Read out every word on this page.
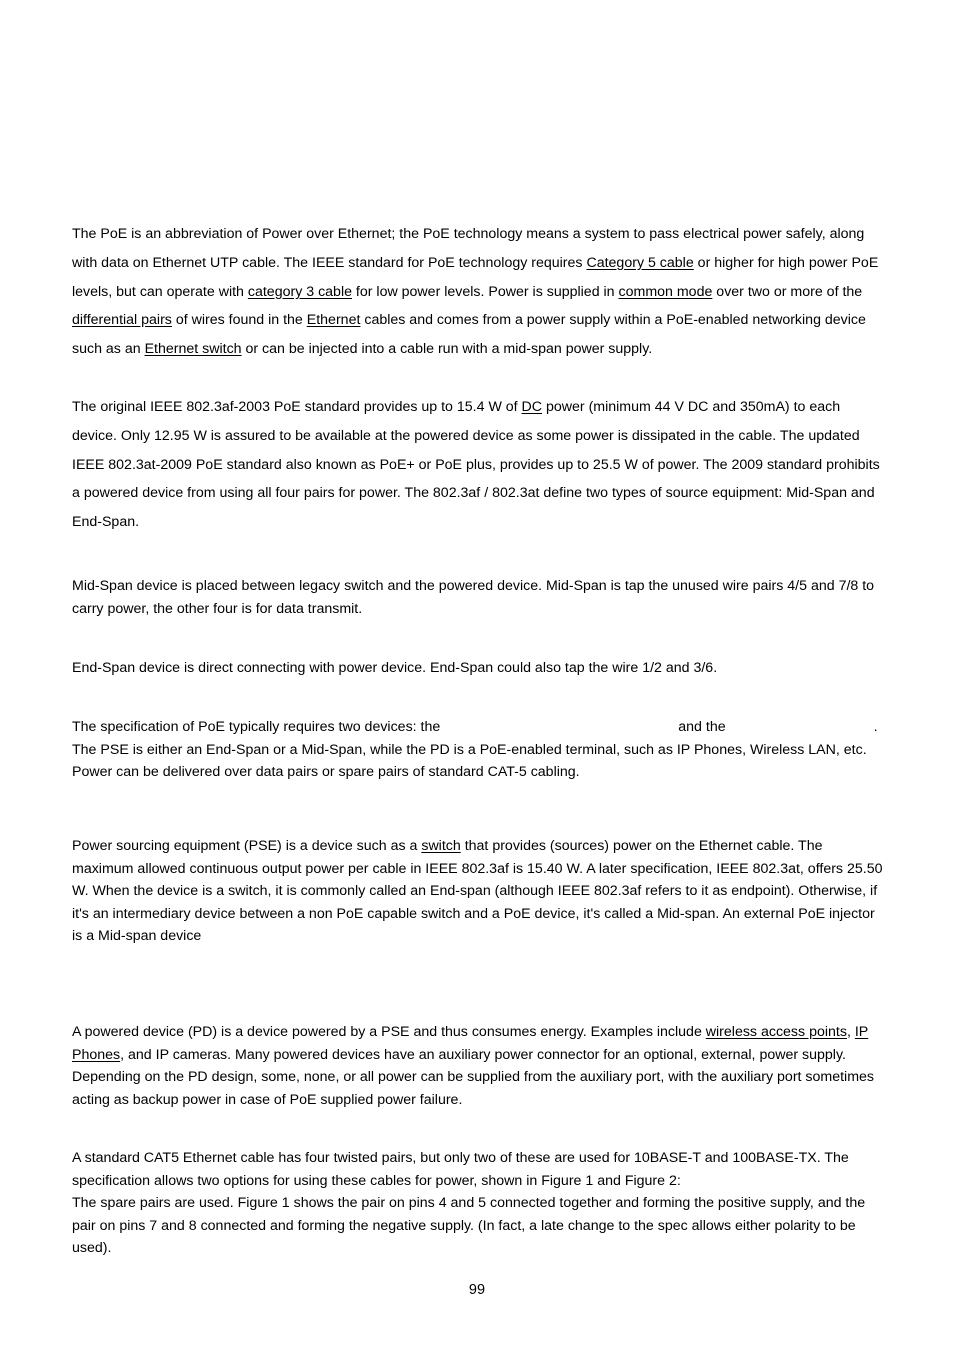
The PoE is an abbreviation of Power over Ethernet; the PoE technology means a system to pass electrical power safely, along with data on Ethernet UTP cable. The IEEE standard for PoE technology requires Category 5 cable or higher for high power PoE levels, but can operate with category 3 cable for low power levels. Power is supplied in common mode over two or more of the differential pairs of wires found in the Ethernet cables and comes from a power supply within a PoE-enabled networking device such as an Ethernet switch or can be injected into a cable run with a mid-span power supply.

The original IEEE 802.3af-2003 PoE standard provides up to 15.4 W of DC power (minimum 44 V DC and 350mA) to each device. Only 12.95 W is assured to be available at the powered device as some power is dissipated in the cable. The updated IEEE 802.3at-2009 PoE standard also known as PoE+ or PoE plus, provides up to 25.5 W of power. The 2009 standard prohibits a powered device from using all four pairs for power. The 802.3af / 802.3at define two types of source equipment: Mid-Span and End-Span.

Mid-Span device is placed between legacy switch and the powered device. Mid-Span is tap the unused wire pairs 4/5 and 7/8 to carry power, the other four is for data transmit.

End-Span device is direct connecting with power device. End-Span could also tap the wire 1/2 and 3/6.

The specification of PoE typically requires two devices: the	and the	.
The PSE is either an End-Span or a Mid-Span, while the PD is a PoE-enabled terminal, such as IP Phones, Wireless LAN, etc. Power can be delivered over data pairs or spare pairs of standard CAT-5 cabling.

Power sourcing equipment (PSE) is a device such as a switch that provides (sources) power on the Ethernet cable. The maximum allowed continuous output power per cable in IEEE 802.3af is 15.40 W. A later specification, IEEE 802.3at, offers 25.50 W. When the device is a switch, it is commonly called an End-span (although IEEE 802.3af refers to it as endpoint). Otherwise, if it's an intermediary device between a non PoE capable switch and a PoE device, it's called a Mid-span. An external PoE injector is a Mid-span device

A powered device (PD) is a device powered by a PSE and thus consumes energy. Examples include wireless access points, IP Phones, and IP cameras. Many powered devices have an auxiliary power connector for an optional, external, power supply. Depending on the PD design, some, none, or all power can be supplied from the auxiliary port, with the auxiliary port sometimes acting as backup power in case of PoE supplied power failure.

A standard CAT5 Ethernet cable has four twisted pairs, but only two of these are used for 10BASE-T and 100BASE-TX. The specification allows two options for using these cables for power, shown in Figure 1 and Figure 2:
The spare pairs are used. Figure 1 shows the pair on pins 4 and 5 connected together and forming the positive supply, and the pair on pins 7 and 8 connected and forming the negative supply. (In fact, a late change to the spec allows either polarity to be used).

99
